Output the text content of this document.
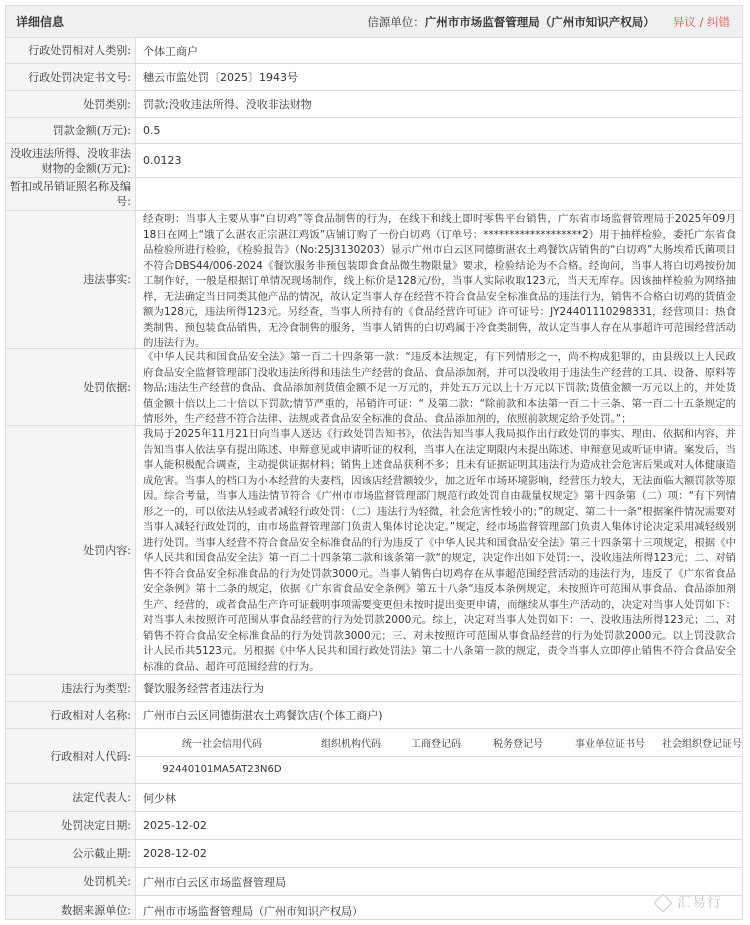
详细信息	信源单位：广州市市场监督管理局（广州市知识产权局） 异议 / 纠错
行政处罚相对人类别:	个体工商户
行政处罚决定书文号:	穗云市监处罚〔2025〕1943号
处罚类别:	罚款;没收违法所得、没收非法财物
罚款金额(万元):	0.5
没收违法所得、没收非法财物的金额(万元):
0.0123
暂扣或吊销证照名称及编号:
违法事实:

经查明：当事人主要从事“白切鸡”等食品制售的行为，在线下和线上即时零售平台销售，广东省市场监督管理局于2025年09月18日在网上“饿了么湛农正宗湛江鸡饭”店铺订购了一份白切鸡（订单号：*******************2）用于抽样检验，委托广东省食品检验所进行检验，《检验报告》（No:25J3130203）显示广州市白云区同德街湛农土鸡餐饮店销售的“白切鸡”大肠埃希氏菌项目不符合DBS44/006-2024《餐饮服务非预包装即食食品微生物限量》要求，检验结论为不合格。经询问，当事人将白切鸡按份加工制作好，一般是根据订单情况现场制作，线上标价是128元/份，当事人实际收取123元，当天无库存。因该抽样检验为网络抽样，无法确定当日同类其他产品的情况，故认定当事人存在经营不符合食品安全标准食品的违法行为，销售不合格白切鸡的货值金额为128元，违法所得123元。另经查，当事人所持有的《食品经营许可证》许可证号：JY24401110298331，经营项目：热食类制售、预包装食品销售，无冷食制售的服务，当事人销售的白切鸡属于冷食类制售，故认定当事人存在从事超许可范围经营活动的违法行为。

处罚依据:

《中华人民共和国食品安全法》第一百二十四条第一款：“违反本法规定，有下列情形之一，尚不构成犯罪的，由县级以上人民政府食品安全监督管理部门没收违法所得和违法生产经营的食品、食品添加剂，并可以没收用于违法生产经营的工具、设备、原料等物品;违法生产经营的食品、食品添加剂货值金额不足一万元的，并处五万元以上十万元以下罚款;货值金额一万元以上的，并处货值金额十倍以上二十倍以下罚款;情节严重的，吊销许可证：“ 及第二款：“除前款和本法第一百二十三条、第一百二十五条规定的情形外，生产经营不符合法律、法规或者食品安全标准的食品、食品添加剂的，依照前款规定给予处罚。”；

处罚内容:

我局于2025年11月21日向当事人送达《行政处罚告知书》，依法告知当事人我局拟作出行政处罚的事实、理由、依据和内容，并告知当事人依法享有提出陈述、申辩意见或申请听证的权利，当事人在法定期限内未提出陈述、申辩意见或听证申请。案发后，当事人能积极配合调查，主动提供证据材料；销售上述食品获利不多；且未有证据证明其违法行为造成社会危害后果或对人体健康造成危害。当事人的档口为小本经营的夫妻档，因该店经营额较少，加之近年市场环境影响，经营压力较大，无法面临大额罚款等原因。综合考量，当事人违法情节符合《广州市市场监督管理部门规范行政处罚自由裁量权规定》第十四条第（二）项：“有下列情形之一的，可以依法从轻或者减轻行政处罚：（二）违法行为轻微，社会危害性较小的；”的规定、第二十一条“根据案件情况需要对当事人减轻行政处罚的，由市场监督管理部门负责人集体讨论决定。”规定，经市场监督管理部门负责人集体讨论决定采用减轻级别进行处罚。当事人经营不符合食品安全标准食品的行为违反了《中华人民共和国食品安全法》第三十四条第十三项规定，根据《中华人民共和国食品安全法》第一百二十四条第二款和该条第一款“的规定，决定作出如下处罚:一、没收违法所得123元；二、对销售不符合食品安全标准食品的行为处罚款3000元。当事人销售白切鸡存在从事超范围经营活动的违法行为，违反了《广东省食品安全条例》第十二条的规定，依据《广东省食品安全条例》第五十八条“违反本条例规定，未按照许可范围从事食品、食品添加剂生产、经营的，或者食品生产许可证载明事项需要变更但未按时提出变更申请，而继续从事生产活动的，决定对当事人处罚如下：对当事人未按照许可范围从事食品经营的行为处罚款2000元。综上，决定对当事人处罚如下：一、没收违法所得123元；二、对销售不符合食品安全标准食品的行为处罚款3000元；三、对未按照许可范围从事食品经营的行为处罚款2000元。以上罚没款合计人民币共5123元。另根据《中华人民共和国行政处罚法》第二十八条第一款的规定，责令当事人立即停止销售不符合食品安全标准的食品、超许可范围经营的行为。

违法行为类型:	餐饮服务经营者违法行为
行政相对人名称:	广州市白云区同德街湛农土鸡餐饮店(个体工商户)
行政相对人代码:
统一社会信用代码	组织机构代码	工商登记码	税务登记号	事业单位证书号	社会组织登记证号
92440101MA5AT23N6D
法定代表人:	何少林
处罚决定日期:	2025-12-02
公示截止期:	2028-12-02
处罚机关:	广州市白云区市场监督管理局
数据来源单位:	广州市市场监督管理局（广州市知识产权局）	汇易行
